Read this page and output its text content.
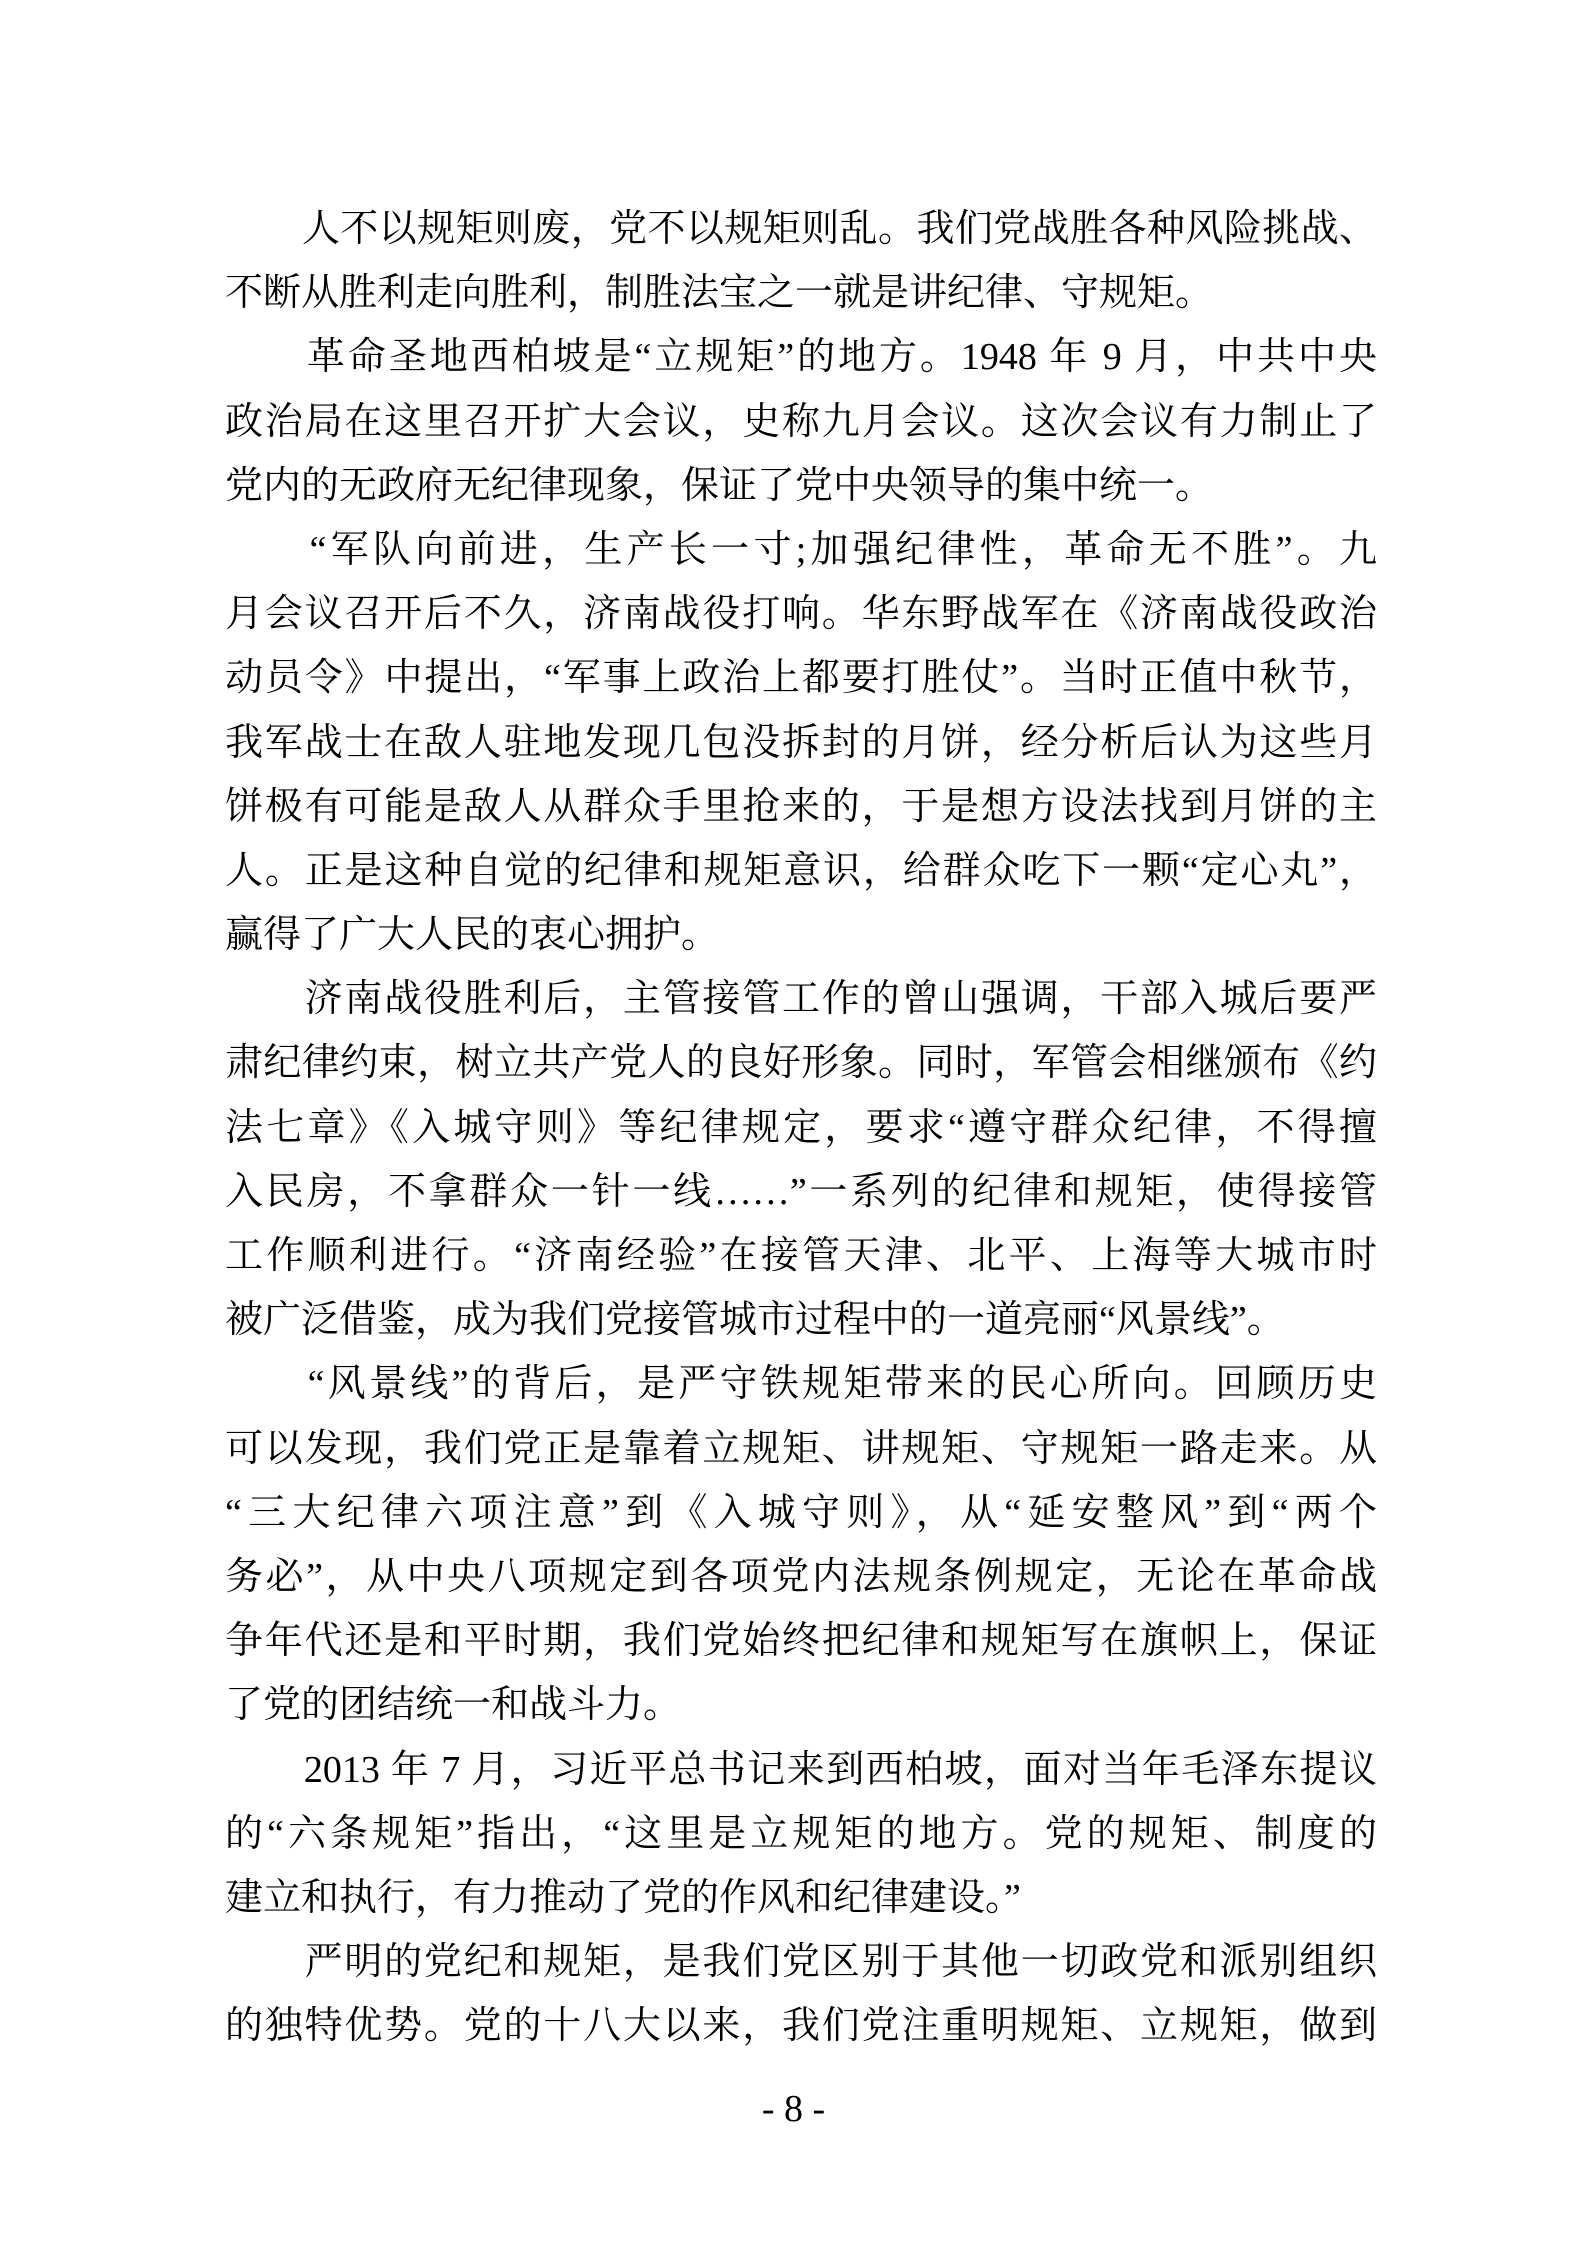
　　人不以规矩则废，党不以规矩则乱。我们党战胜各种风险挑战、
不断从胜利走向胜利，制胜法宝之一就是讲纪律、守规矩。
　　革命圣地西柏坡是“立规矩”的地方。1948 年 9 月，中共中央
政治局在这里召开扩大会议，史称九月会议。这次会议有力制止了
党内的无政府无纪律现象，保证了党中央领导的集中统一。
　　“军队向前进，生产长一寸;加强纪律性，革命无不胜”。九
月会议召开后不久，济南战役打响。华东野战军在《济南战役政治
动员令》中提出，“军事上政治上都要打胜仗”。当时正值中秋节，
我军战士在敌人驻地发现几包没拆封的月饼，经分析后认为这些月
饼极有可能是敌人从群众手里抢来的，于是想方设法找到月饼的主
人。正是这种自觉的纪律和规矩意识，给群众吃下一颗“定心丸”，
赢得了广大人民的衷心拥护。
　　济南战役胜利后，主管接管工作的曾山强调，干部入城后要严
肃纪律约束，树立共产党人的良好形象。同时，军管会相继颁布《约
法七章》《入城守则》等纪律规定，要求“遵守群众纪律，不得擅
入民房，不拿群众一针一线……”一系列的纪律和规矩，使得接管
工作顺利进行。“济南经验”在接管天津、北平、上海等大城市时
被广泛借鉴，成为我们党接管城市过程中的一道亮丽“风景线”。
　　“风景线”的背后，是严守铁规矩带来的民心所向。回顾历史
可以发现，我们党正是靠着立规矩、讲规矩、守规矩一路走来。从
“三大纪律六项注意”到《入城守则》，从“延安整风”到“两个
务必”，从中央八项规定到各项党内法规条例规定，无论在革命战
争年代还是和平时期，我们党始终把纪律和规矩写在旗帜上，保证
了党的团结统一和战斗力。
　　2013 年 7 月，习近平总书记来到西柏坡，面对当年毛泽东提议
的“六条规矩”指出，“这里是立规矩的地方。党的规矩、制度的
建立和执行，有力推动了党的作风和纪律建设。”
　　严明的党纪和规矩，是我们党区别于其他一切政党和派别组织
的独特优势。党的十八大以来，我们党注重明规矩、立规矩，做到
- 8 -
